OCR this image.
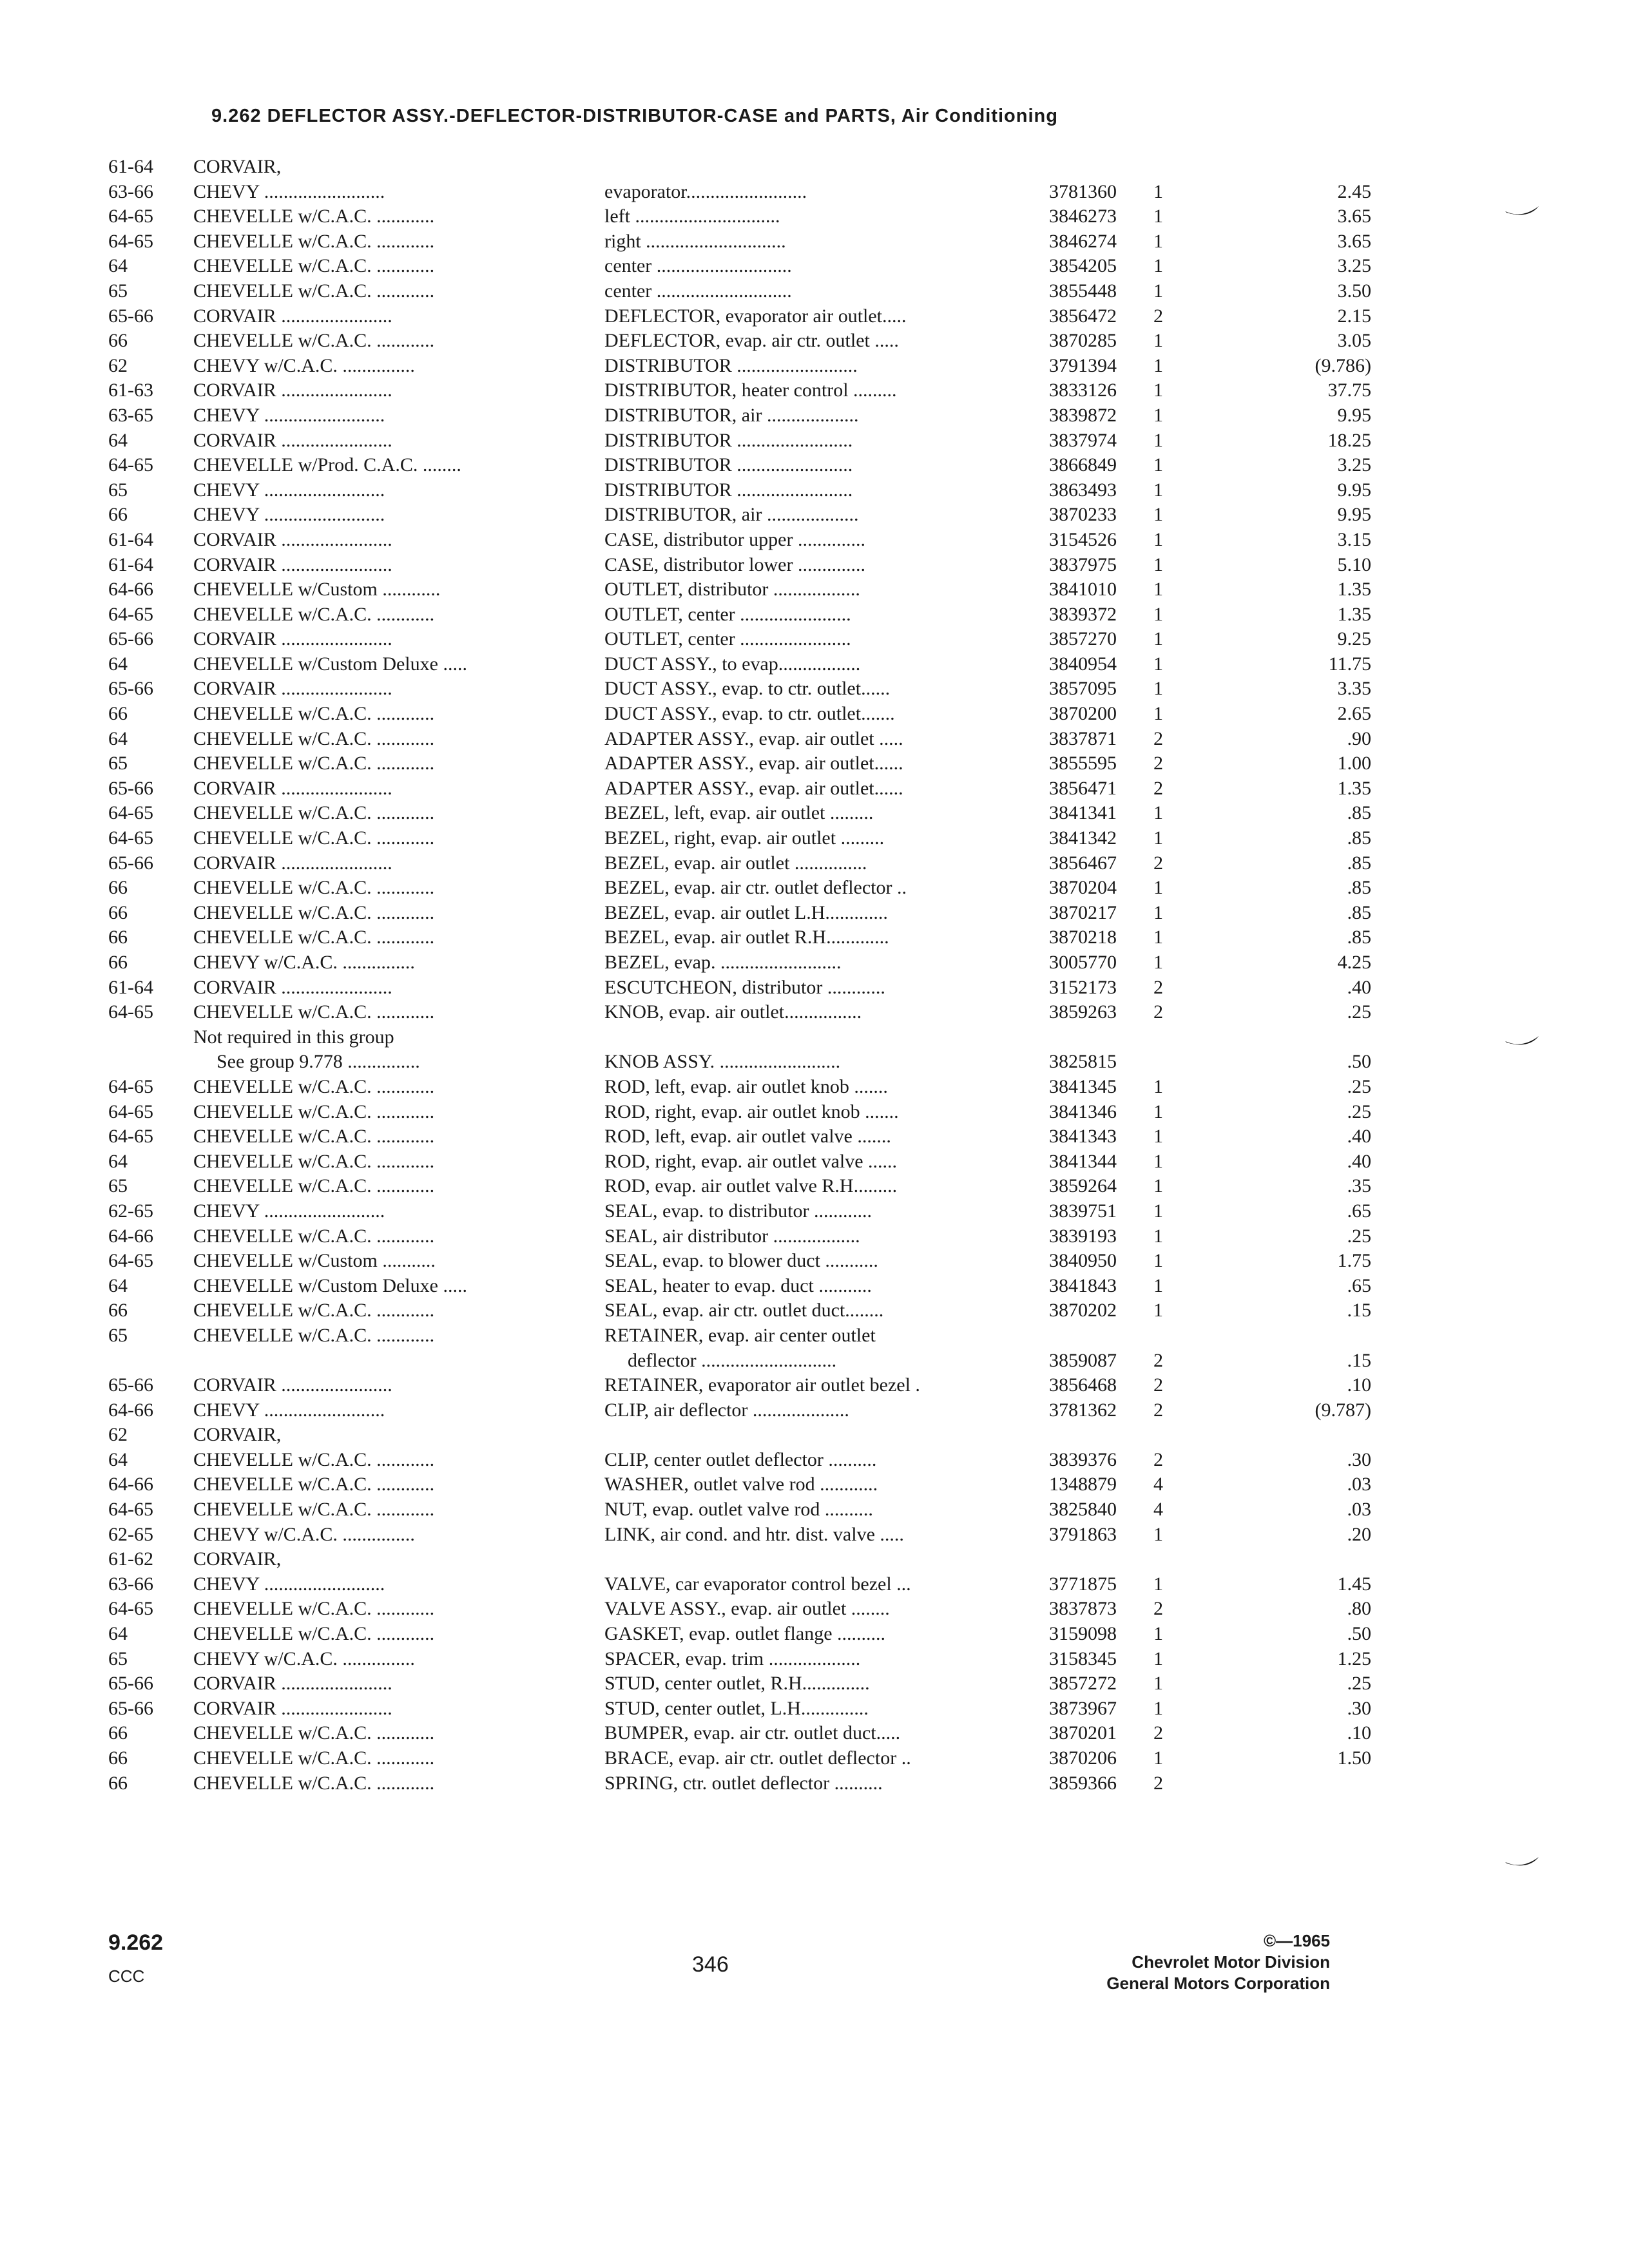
9.262 DEFLECTOR ASSY.-DEFLECTOR-DISTRIBUTOR-CASE and PARTS, Air Conditioning
61-64 CORVAIR,
63-66 CHEVY .........................	evaporator.........................	3781360 1	2.45
64-65 CHEVELLE w/C.A.C. ............	left ..............................	3846273 1	3.65
64-65 CHEVELLE w/C.A.C. ............	right .............................	3846274 1	3.65
64	CHEVELLE w/C.A.C. ............	center ............................	3854205 1	3.25
65	CHEVELLE w/C.A.C. ............	center ............................	3855448 1	3.50
65-66 CORVAIR .......................	DEFLECTOR, evaporator air outlet.....	3856472 2	2.15
66	CHEVELLE w/C.A.C. ............	DEFLECTOR, evap. air ctr. outlet .....	3870285 1	3.05
62	CHEVY w/C.A.C. ...............	DISTRIBUTOR .........................	3791394 1	(9.786)
61-63 CORVAIR .......................	DISTRIBUTOR, heater control .........	3833126 1	37.75
63-65 CHEVY .........................	DISTRIBUTOR, air ...................	3839872 1	9.95
64	CORVAIR .......................	DISTRIBUTOR ........................	3837974 1	18.25
64-65 CHEVELLE w/Prod. C.A.C. ........	DISTRIBUTOR ........................	3866849 1	3.25
65	CHEVY .........................	DISTRIBUTOR ........................	3863493 1	9.95
66	CHEVY .........................	DISTRIBUTOR, air ...................	3870233 1	9.95
61-64 CORVAIR .......................	CASE, distributor upper ..............	3154526 1	3.15
61-64 CORVAIR .......................	CASE, distributor lower ..............	3837975 1	5.10
64-66 CHEVELLE w/Custom ............	OUTLET, distributor ..................	3841010 1	1.35
64-65 CHEVELLE w/C.A.C. ............	OUTLET, center .......................	3839372 1	1.35
65-66 CORVAIR .......................	OUTLET, center .......................	3857270 1	9.25
64	CHEVELLE w/Custom Deluxe .....	DUCT ASSY., to evap.................	3840954 1	11.75
65-66 CORVAIR .......................	DUCT ASSY., evap. to ctr. outlet......	3857095 1	3.35
66	CHEVELLE w/C.A.C. ............	DUCT ASSY., evap. to ctr. outlet.......	3870200 1	2.65
64	CHEVELLE w/C.A.C. ............	ADAPTER ASSY., evap. air outlet .....	3837871 2	.90
65	CHEVELLE w/C.A.C. ............	ADAPTER ASSY., evap. air outlet......	3855595 2	1.00
65-66 CORVAIR .......................	ADAPTER ASSY., evap. air outlet......	3856471 2	1.35
64-65 CHEVELLE w/C.A.C. ............	BEZEL, left, evap. air outlet .........	3841341 1	.85
64-65 CHEVELLE w/C.A.C. ............	BEZEL, right, evap. air outlet .........	3841342 1	.85
65-66 CORVAIR .......................	BEZEL, evap. air outlet ...............	3856467 2	.85
66	CHEVELLE w/C.A.C. ............	BEZEL, evap. air ctr. outlet deflector ..	3870204 1	.85
66	CHEVELLE w/C.A.C. ............	BEZEL, evap. air outlet L.H.............	3870217 1	.85
66	CHEVELLE w/C.A.C. ............	BEZEL, evap. air outlet R.H.............	3870218 1	.85
66	CHEVY w/C.A.C. ...............	BEZEL, evap. .........................	3005770 1	4.25
61-64 CORVAIR .......................	ESCUTCHEON, distributor ............	3152173 2	.40
64-65 CHEVELLE w/C.A.C. ............	KNOB, evap. air outlet................	3859263 2	.25
Not required in this group
See group 9.778 ...............	KNOB ASSY. .........................	3825815	.50
64-65 CHEVELLE w/C.A.C. ............	ROD, left, evap. air outlet knob .......	3841345 1	.25
64-65 CHEVELLE w/C.A.C. ............	ROD, right, evap. air outlet knob .......	3841346 1	.25
64-65 CHEVELLE w/C.A.C. ............	ROD, left, evap. air outlet valve .......	3841343 1	.40
64	CHEVELLE w/C.A.C. ............	ROD, right, evap. air outlet valve ......	3841344 1	.40
65	CHEVELLE w/C.A.C. ............	ROD, evap. air outlet valve R.H.........	3859264 1	.35
62-65 CHEVY .........................	SEAL, evap. to distributor ............	3839751 1	.65
64-66 CHEVELLE w/C.A.C. ............	SEAL, air distributor ..................	3839193 1	.25
64-65 CHEVELLE w/Custom ...........	SEAL, evap. to blower duct ...........	3840950 1	1.75
64	CHEVELLE w/Custom Deluxe .....	SEAL, heater to evap. duct ...........	3841843 1	.65
66	CHEVELLE w/C.A.C. ............	SEAL, evap. air ctr. outlet duct........	3870202 1	.15
65	CHEVELLE w/C.A.C. ............	RETAINER, evap. air center outlet
deflector ............................	3859087 2	.15
65-66 CORVAIR .......................	RETAINER, evaporator air outlet bezel .	3856468 2	.10
64-66 CHEVY .........................	CLIP, air deflector ....................	3781362 2	(9.787)
62	CORVAIR,
64	CHEVELLE w/C.A.C. ............	CLIP, center outlet deflector ..........	3839376 2	.30
64-66 CHEVELLE w/C.A.C. ............	WASHER, outlet valve rod ............	1348879 4	.03
64-65 CHEVELLE w/C.A.C. ............	NUT, evap. outlet valve rod ..........	3825840 4	.03
62-65 CHEVY w/C.A.C. ...............	LINK, air cond. and htr. dist. valve .....	3791863 1	.20
61-62 CORVAIR,
63-66 CHEVY .........................	VALVE, car evaporator control bezel ...	3771875 1	1.45
64-65 CHEVELLE w/C.A.C. ............	VALVE ASSY., evap. air outlet ........	3837873 2	.80
64	CHEVELLE w/C.A.C. ............	GASKET, evap. outlet flange ..........	3159098 1	.50
65	CHEVY w/C.A.C. ...............	SPACER, evap. trim ...................	3158345 1	1.25
65-66 CORVAIR .......................	STUD, center outlet, R.H..............	3857272 1	.25
65-66 CORVAIR .......................	STUD, center outlet, L.H..............	3873967 1	.30
66	CHEVELLE w/C.A.C. ............	BUMPER, evap. air ctr. outlet duct.....	3870201 2	.10
66	CHEVELLE w/C.A.C. ............	BRACE, evap. air ctr. outlet deflector ..	3870206 1	1.50
66	CHEVELLE w/C.A.C. ............	SPRING, ctr. outlet deflector ..........	3859366 2
9.262
CCC	346
©—1965
Chevrolet Motor Division
General Motors Corporation
